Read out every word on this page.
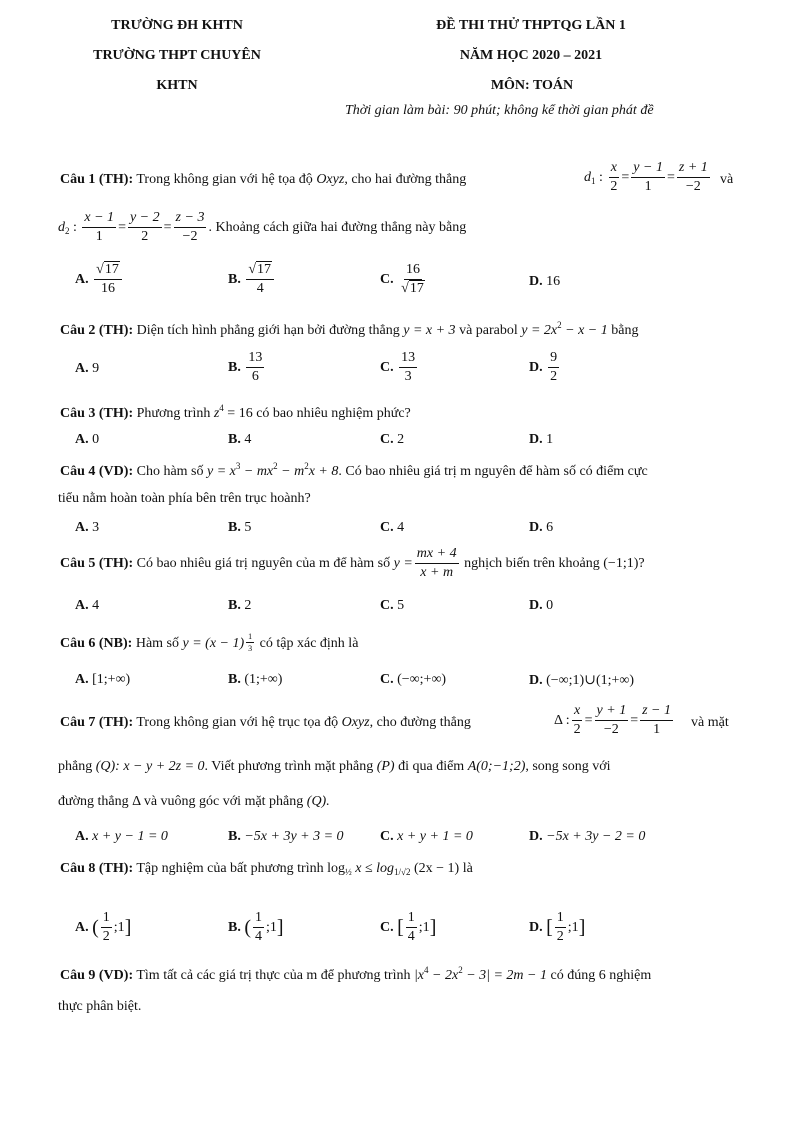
TRƯỜNG ĐH KHTN
TRƯỜNG THPT CHUYÊN
KHTN
ĐỀ THI THỬ THPTQG LẦN 1
NĂM HỌC 2020 – 2021
MÔN: TOÁN
Thời gian làm bài: 90 phút; không kể thời gian phát đề
Câu 1 (TH): Trong không gian với hệ tọa độ Oxyz, cho hai đường thẳng	$d_1$ : $\frac{x}{2} = \frac{y - 1}{1} = \frac{z + 1}{-2}$ và
$d_2$ : $\frac{x - 1}{1} = \frac{y - 2}{2} = \frac{z - 3}{-2}$ . Khoảng cách giữa hai đường thẳng này bằng
A. $\frac{√17}{16}$	B. $\frac{√17}{4}$	C. $\frac{16}{√17}$	D. 16
Câu 2 (TH): Diện tích hình phẳng giới hạn bởi đường thẳng y = x + 3 và parabol $y = 2x^2 - x - 1$ bằng
A. 9	B. $\frac{13}{6}$	C. $\frac{13}{3}$	D. $\frac{9}{2}$
Câu 3 (TH): Phương trình $z^4 = 16$ có bao nhiêu nghiệm phức?
A. 0	B. 4	C. 2	D. 1
Câu 4 (VD): Cho hàm số $y = x^3 - mx^2 - m^2x + 8$. Có bao nhiêu giá trị m nguyên để hàm số có điểm cực
tiểu nằm hoàn toàn phía bên trên trục hoành?
A. 3	B. 5	C. 4	D. 6
Câu 5 (TH): Có bao nhiêu giá trị nguyên của m để hàm số $y = \frac{mx + 4}{x + m}$ nghịch biến trên khoảng (−1;1)?
A. 4	B. 2	C. 5	D. 0
Câu 6 (NB): Hàm số $y = (x - 1) \frac{1}{3}$ có tập xác định là
A. [1;+∞)	B. (1;+∞)	C. (−∞;+∞)	D. (−∞;1)∪(1;+∞)
Câu 7 (TH): Trong không gian với hệ trục tọa độ Oxyz, cho đường thẳng	Δ : $\frac{x}{2} = \frac{y + 1}{-2} = \frac{z - 1}{1}$ và mặt
phẳng (Q): x − y + 2z = 0. Viết phương trình mặt phẳng (P) đi qua điểm A(0;−1;2), song song với
đường thẳng Δ và vuông góc với mặt phẳng (Q).
A. x + y − 1 = 0	B. −5x + 3y + 3 = 0	C. x + y + 1 = 0	D. −5x + 3y − 2 = 0
Câu 8 (TH): Tập nghiệm của bất phương trình $\log_{\frac{1}{2}} x \le \log_{1/√2} (2x - 1)$ là
A. ( $\frac{1}{2}$ ;1]	B. ( $\frac{1}{4}$ ;1]	C. [ $\frac{1}{4}$ ;1]	D. [ $\frac{1}{2}$ ;1]
Câu 9 (VD): Tìm tất cả các giá trị thực của m để phương trình $|x^4 - 2x^2 - 3| = 2m - 1$ có đúng 6 nghiệm
thực phân biệt.
